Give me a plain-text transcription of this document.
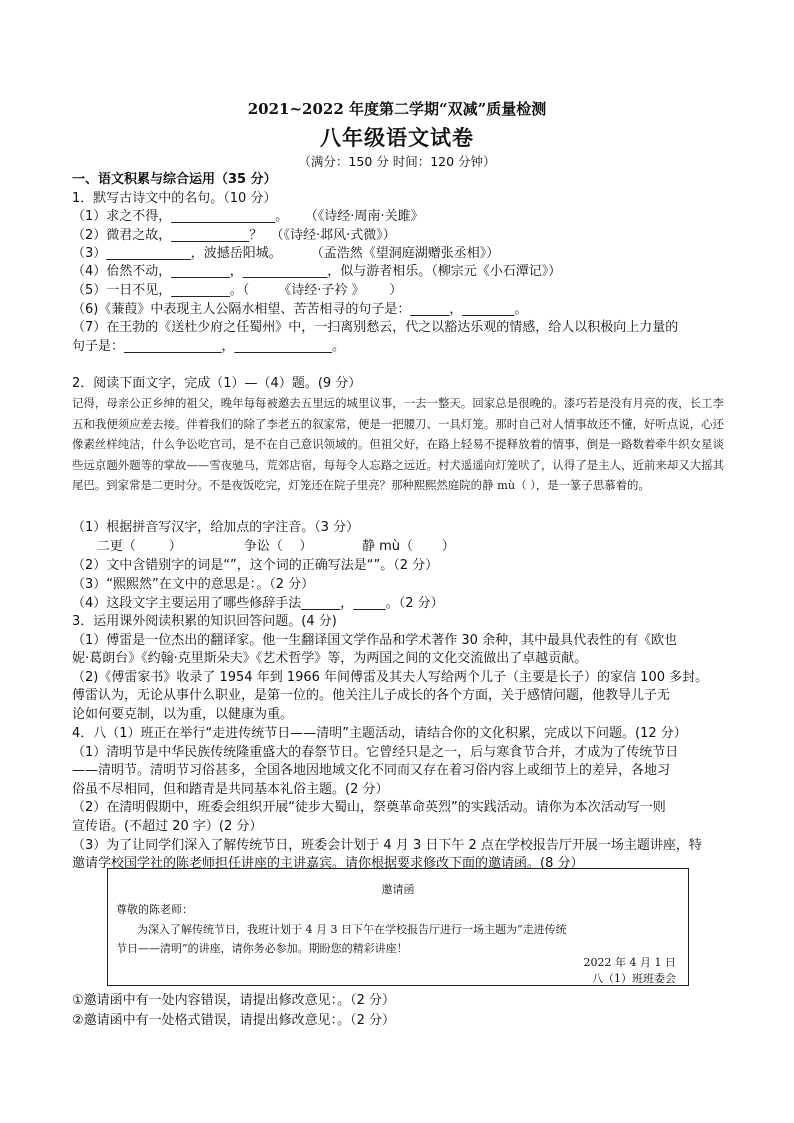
2021~2022 年度第二学期“双减”质量检测
八年级语文试卷
（满分：150 分 时间：120 分钟）
一、语文积累与综合运用（35 分）
1．默写古诗文中的名句。（10 分）
（1）求之不得，________________。    （《诗经·周南·关雎》
（2）微君之故，____________？  （《诗经·邶风·式微》）
（3）_____________，波撼岳阳城。       （孟浩然《望洞庭湖赠张丞相》）
（4）佁然不动，_________，_____________，似与游者相乐。（柳宗元《小石潭记》）
（5）一日不见，_________。（       《诗经·子衿 》      ）
（6)《蒹葭》中表现主人公隔水相望、苦苦相寻的句子是：______，________。
（7）在王勃的《送杜少府之任蜀州》中，一扫离别愁云，代之以豁达乐观的情感，给人以积极向上力量的
句子是：_______________，_______________。
2．阅读下面文字，完成（1）—（4）题。(9 分）
记得，母亲公正乡绅的祖父，晚年每每被邀去五里远的城里议事，一去一整天。回家总是很晚的。漆巧若是没有月亮的夜，长工李五和我便须应差去接。伴着我们的除了李老五的叙家常，便是一把腰刀、一具灯笼。那时自己对人情事故还不懂，好听点说，心还像素丝样纯洁，什么争讼吃官司，是不在自己意识领域的。但祖父好，在路上轻易不提释放着的情事，倒是一路数着牵牛织女星谈些远京题外题等的掌故——雪夜驰马，荒郊店宿，每每令人忘路之远近。村犬遥遥向灯笼吠了，认得了是主人，近前来却又大摇其尾巴。到家常是二更时分。不是夜饭吃完，灯笼还在院子里亮？那种熙熙然庭院的静 mù（ ），是一篆子思慕着的。
（1）根据拼音写汉字，给加点的字注音。（3 分）
二更（        ）               争讼（    ）            静 mù（       ）
（2）文中含错别字的词是“”，这个词的正确写法是“”。（2 分）
（3）“熙熙然”在文中的意思是：。（2 分）
（4）这段文字主要运用了哪些修辞手法______，_____。（2 分）
3．运用课外阅读积累的知识回答问题。(4 分)
（1）傅雷是一位杰出的翻译家。他一生翻译国文学作品和学术著作 30 余种，其中最具代表性的有《欧也
妮·葛朗台》《约翰·克里斯朵夫》《艺术哲学》等，为两国之间的文化交流做出了卓越贡献。
（2)《傅雷家书》收录了 1954 年到 1966 年间傅雷及其夫人写给两个儿子（主要是长子）的家信 100 多封。
傅雷认为，无论从事什么职业，是第一位的。他关注儿子成长的各个方面，关于感情问题，他教导儿子无
论如何要克制，以为重，以健康为重。
4．八（1）班正在举行“走进传统节日——清明”主题活动，请结合你的文化积累，完成以下问题。(12 分）
（1）清明节是中华民族传统隆重盛大的春祭节日。它曾经只是之一，后与寒食节合并，才成为了传统节日
——清明节。清明节习俗甚多，全国各地因地域文化不同而又存在着习俗内容上或细节上的差异，各地习
俗虽不尽相同，但和踏青是共同基本礼俗主题。(2 分）
（2）在清明假期中，班委会组织开展“徒步大蜀山，祭奠革命英烈”的实践活动。请你为本次活动写一则
宣传语。(不超过 20 字）(2 分）
（3）为了让同学们深入了解传统节日，班委会计划于 4 月 3 日下午 2 点在学校报告厅开展一场主题讲座，特
邀请学校国学社的陈老师担任讲座的主讲嘉宾。请你根据要求修改下面的邀请函。(8 分）
邀请函
尊敬的陈老师：
为深入了解传统节日，我班计划于 4 月 3 日下午在学校报告厅进行一场主题为“走进传统
节日——清明”的讲座，请你务必参加。期盼您的精彩讲座！
2022 年 4 月 1 日
八（1）班班委会
①邀请函中有一处内容错误，请提出修改意见：。（2 分）
②邀请函中有一处格式错误，请提出修改意见：。（2 分）
